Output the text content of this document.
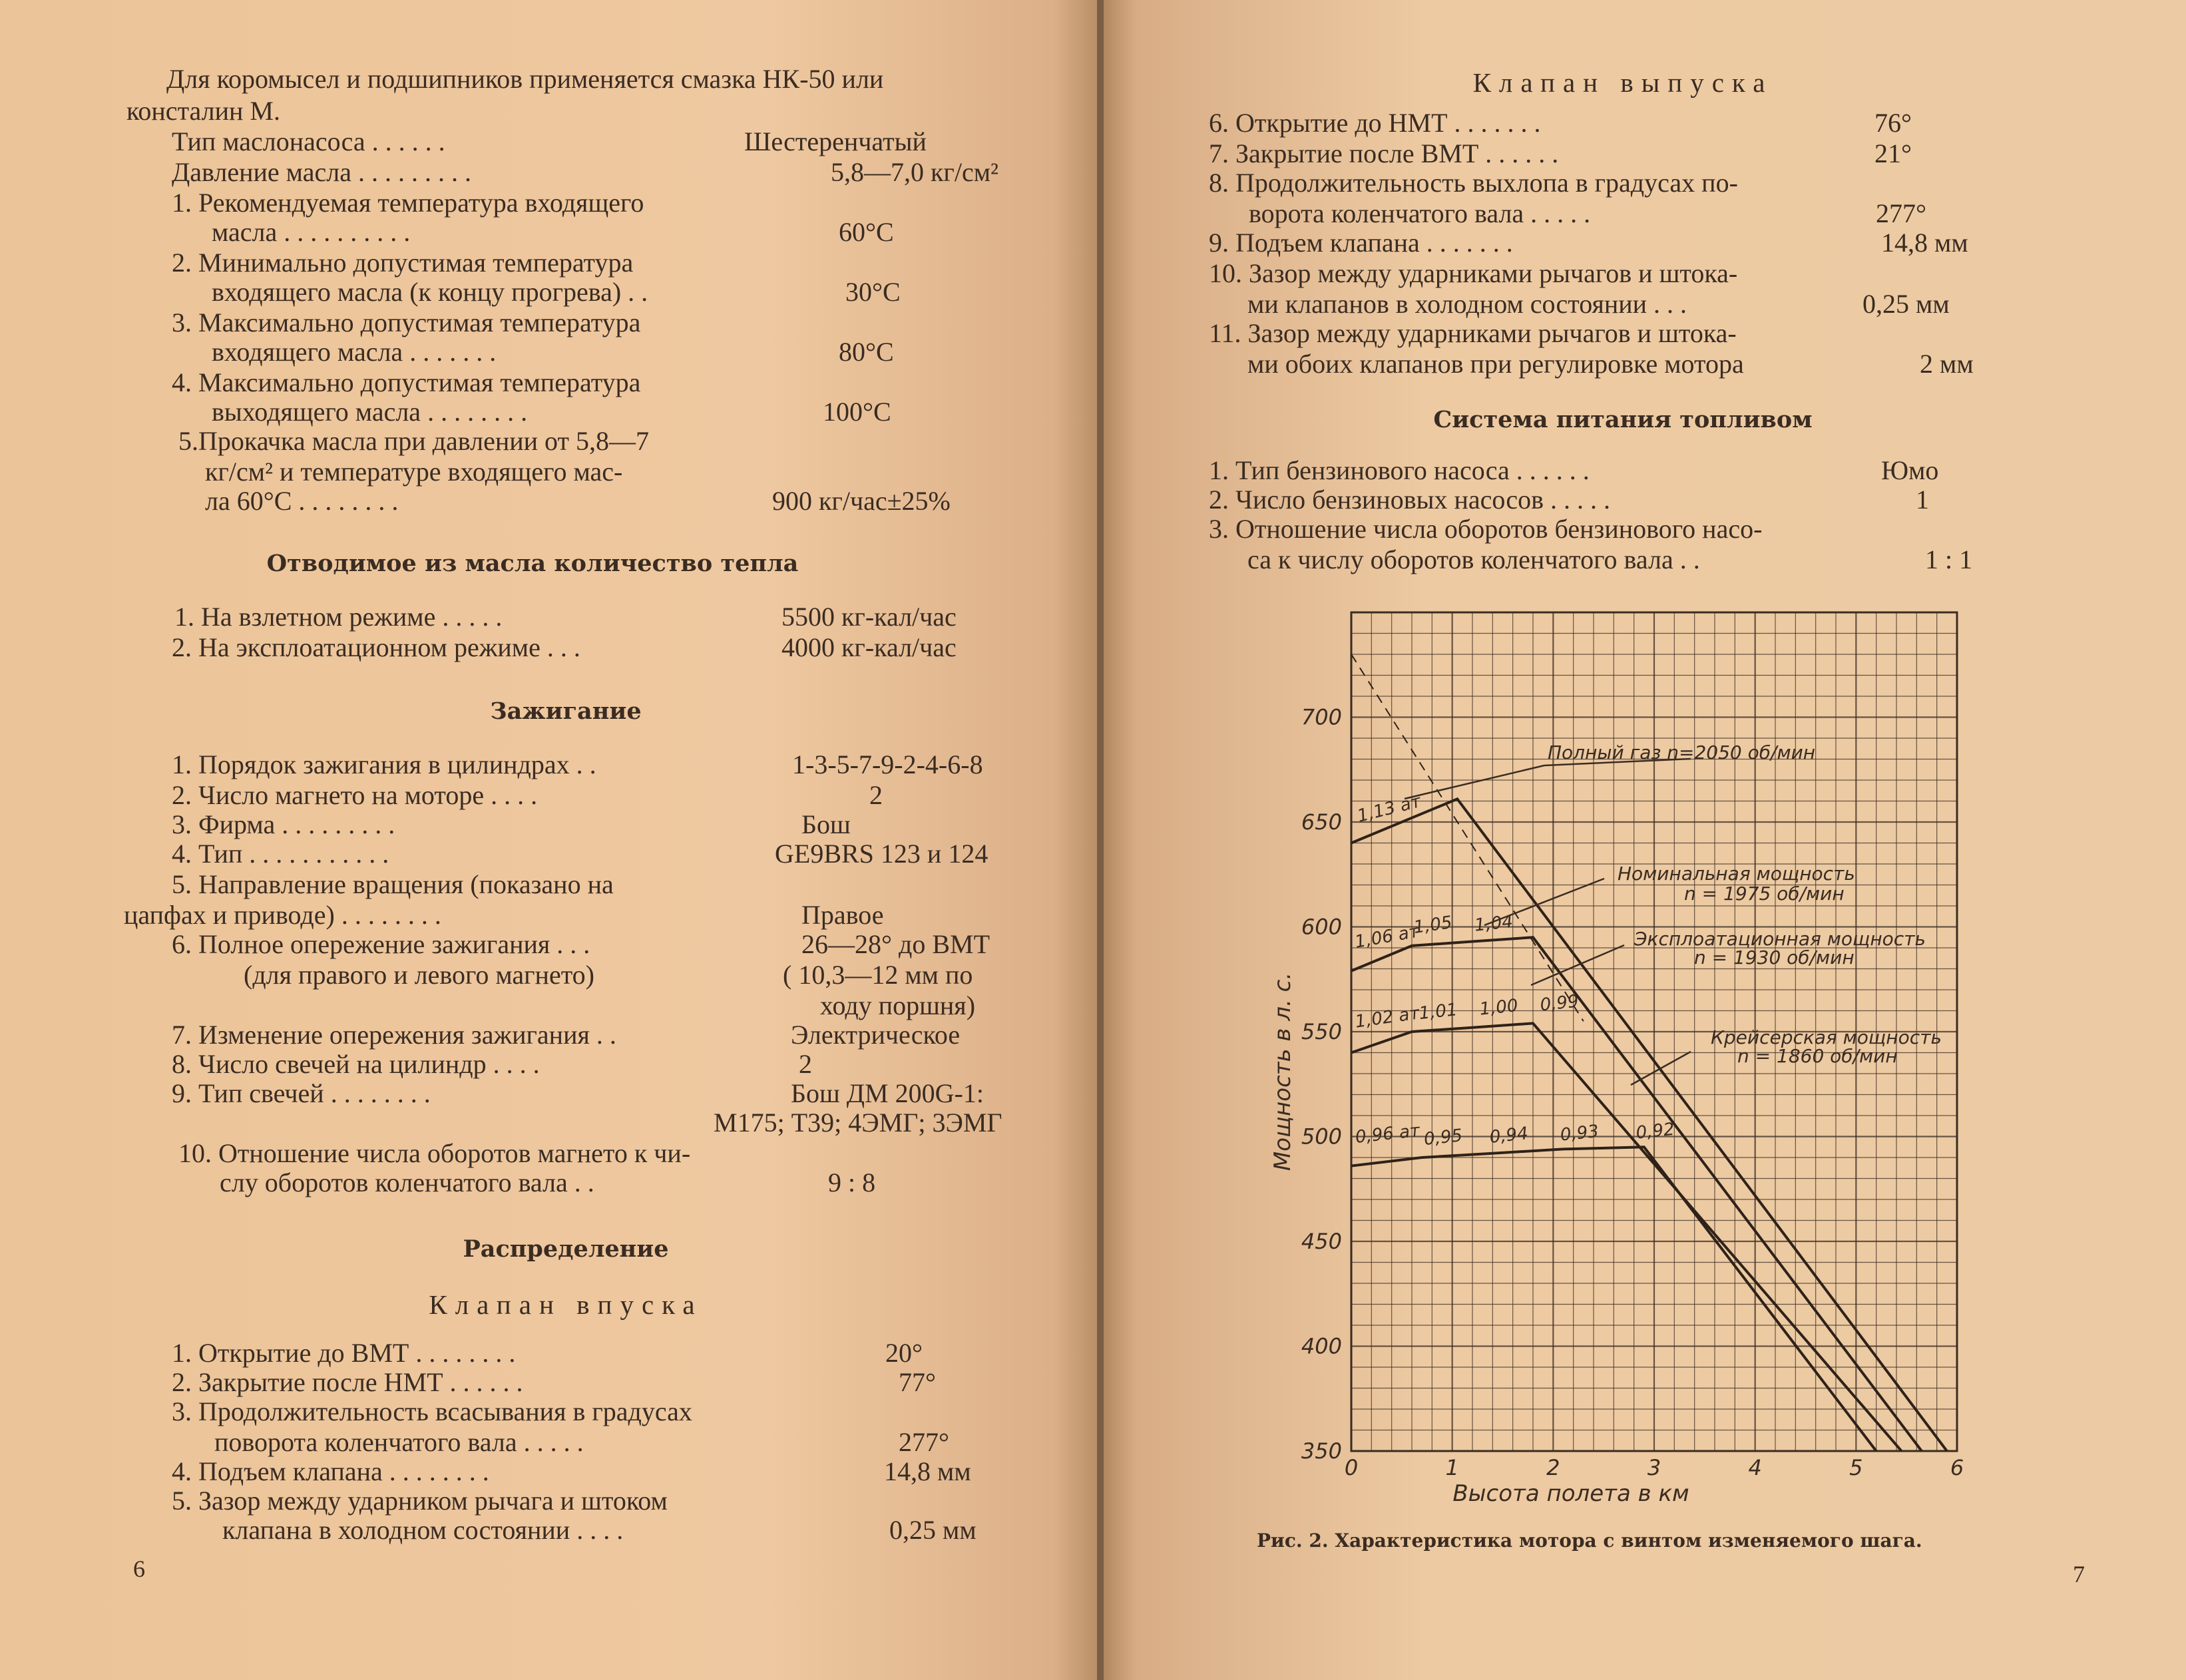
Для коромысел и подшипников применяется смазка НК-50 или
консталин М.
Тип маслонасоса . . . . . .	Шестеренчатый
Давление масла . . . . . . . . .	5,8—7,0 кг/см²
1. Рекомендуемая температура входящего
масла . . . . . . . . . .	60°C
2. Минимально допустимая температура
входящего масла (к концу прогрева) . .	30°C
3. Максимально допустимая температура
входящего масла . . . . . . .	80°C
4. Максимально допустимая температура
выходящего масла . . . . . . . .	100°C
5.Прокачка масла при давлении от 5,8—7
кг/см² и температуре входящего мас-
ла 60°C . . . . . . . .	900 кг/час±25%
Отводимое из масла количество тепла
1. На взлетном режиме . . . . .	5500 кг-кал/час
2. На эксплоатационном режиме . . .	4000 кг-кал/час
Зажигание
1. Порядок зажигания в цилиндрах . .	1-3-5-7-9-2-4-6-8
2. Число магнето на моторе . . . .	2
3. Фирма . . . . . . . . .	Бош
4. Тип . . . . . . . . . . .	GE9BRS 123 и 124
5. Направление вращения (показано на
цапфах и приводе) . . . . . . . .	Правое
6. Полное опережение зажигания . . .	26—28° до ВМТ
(для правого и левого магнето)	( 10,3—12 мм по
ходу поршня)
7. Изменение опережения зажигания . .	Электрическое
8. Число свечей на цилиндр . . . .	2
9. Тип свечей . . . . . . . .	Бош ДМ 200G-1:
М175; Т39; 4ЭМГ; 3ЭМГ
10. Отношение числа оборотов магнето к чи-
слу оборотов коленчатого вала . .	9 : 8
Распределение
Клапан впуска
1. Открытие до ВМТ . . . . . . . .	20°
2. Закрытие после НМТ . . . . . .	77°
3. Продолжительность всасывания в градусах
поворота коленчатого вала . . . . .	277°
4. Подъем клапана . . . . . . . .	14,8 мм
5. Зазор между ударником рычага и штоком
клапана в холодном состоянии . . . .	0,25 мм
6
Клапан выпуска
6. Открытие до НМТ . . . . . . .	76°
7. Закрытие после ВМТ . . . . . .	21°
8. Продолжительность выхлопа в градусах по-
ворота коленчатого вала . . . . .	277°
9. Подъем клапана . . . . . . .	14,8 мм
10. Зазор между ударниками рычагов и штока-
ми клапанов в холодном состоянии . . .	0,25 мм
11. Зазор между ударниками рычагов и штока-
ми обоих клапанов при регулировке мотора	2 мм
Система питания топливом
1. Тип бензинового насоса . . . . . .	Юмо
2. Число бензиновых насосов . . . . .	1
3. Отношение числа оборотов бензинового насо-
са к числу оборотов коленчатого вала . .	1 : 1
Рис. 2. Характеристика мотора с винтом изменяемого шага.
7
0	1	2	3	4	5	6
350
400
450
500
550
600
650
700
1,13 ат
1,06 ат
1,05 1,04
1,02 ат
1,01 1,00 0,99
0,96 ат 0,95 0,94 0,93 0,92
Полный газ n=2050 об/мин
Номинальная мощность
n = 1975 об/мин
Эксплоатационная мощность
n = 1930 об/мин
Крейсерская мощность
n = 1860 об/мин
Мощность в л. с.
Высота полета в км
